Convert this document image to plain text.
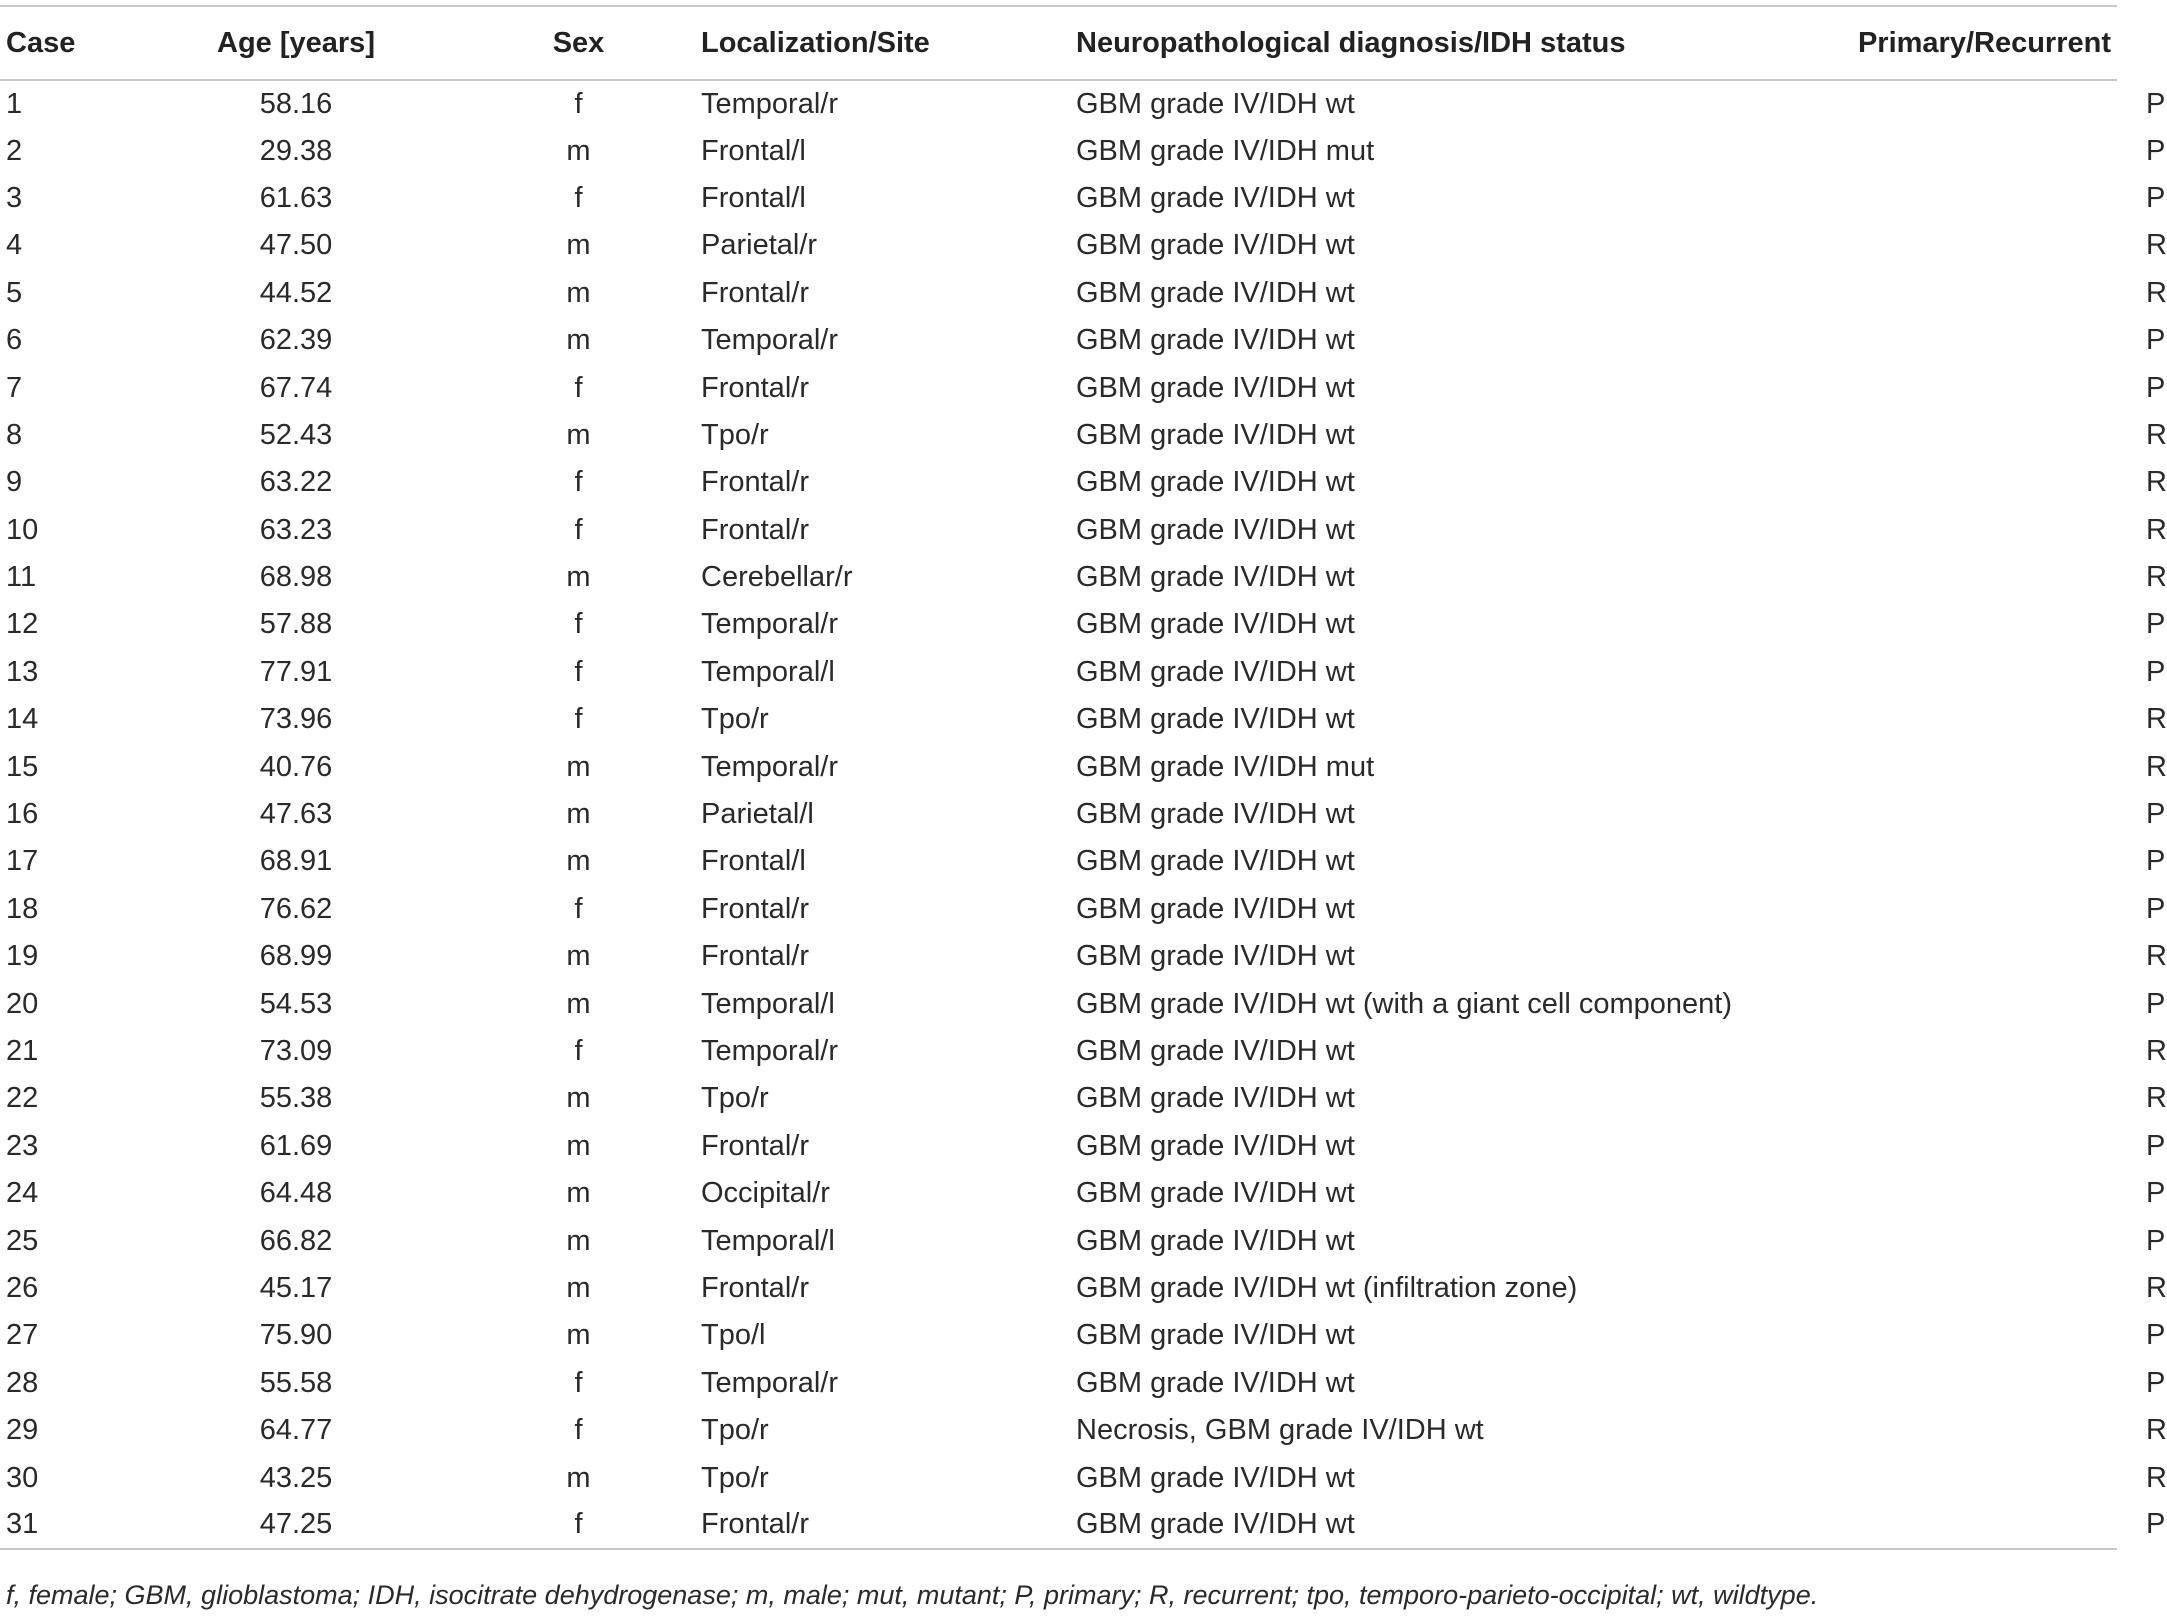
Case	Age [years]	Sex	Localization/Site	Neuropathological diagnosis/IDH status	Primary/Recurrent
1	58.16	f	Temporal/r	GBM grade IV/IDH wt	P
2	29.38	m	Frontal/l	GBM grade IV/IDH mut	P
3	61.63	f	Frontal/l	GBM grade IV/IDH wt	P
4	47.50	m	Parietal/r	GBM grade IV/IDH wt	R
5	44.52	m	Frontal/r	GBM grade IV/IDH wt	R
6	62.39	m	Temporal/r	GBM grade IV/IDH wt	P
7	67.74	f	Frontal/r	GBM grade IV/IDH wt	P
8	52.43	m	Tpo/r	GBM grade IV/IDH wt	R
9	63.22	f	Frontal/r	GBM grade IV/IDH wt	R
10	63.23	f	Frontal/r	GBM grade IV/IDH wt	R
11	68.98	m	Cerebellar/r	GBM grade IV/IDH wt	R
12	57.88	f	Temporal/r	GBM grade IV/IDH wt	P
13	77.91	f	Temporal/l	GBM grade IV/IDH wt	P
14	73.96	f	Tpo/r	GBM grade IV/IDH wt	R
15	40.76	m	Temporal/r	GBM grade IV/IDH mut	R
16	47.63	m	Parietal/l	GBM grade IV/IDH wt	P
17	68.91	m	Frontal/l	GBM grade IV/IDH wt	P
18	76.62	f	Frontal/r	GBM grade IV/IDH wt	P
19	68.99	m	Frontal/r	GBM grade IV/IDH wt	R
20	54.53	m	Temporal/l	GBM grade IV/IDH wt (with a giant cell component)	P
21	73.09	f	Temporal/r	GBM grade IV/IDH wt	R
22	55.38	m	Tpo/r	GBM grade IV/IDH wt	R
23	61.69	m	Frontal/r	GBM grade IV/IDH wt	P
24	64.48	m	Occipital/r	GBM grade IV/IDH wt	P
25	66.82	m	Temporal/l	GBM grade IV/IDH wt	P
26	45.17	m	Frontal/r	GBM grade IV/IDH wt (infiltration zone)	R
27	75.90	m	Tpo/l	GBM grade IV/IDH wt	P
28	55.58	f	Temporal/r	GBM grade IV/IDH wt	P
29	64.77	f	Tpo/r	Necrosis, GBM grade IV/IDH wt	R
30	43.25	m	Tpo/r	GBM grade IV/IDH wt	R
31	47.25	f	Frontal/r	GBM grade IV/IDH wt	P
f, female; GBM, glioblastoma; IDH, isocitrate dehydrogenase; m, male; mut, mutant; P, primary; R, recurrent; tpo, temporo-parieto-occipital; wt, wildtype.
